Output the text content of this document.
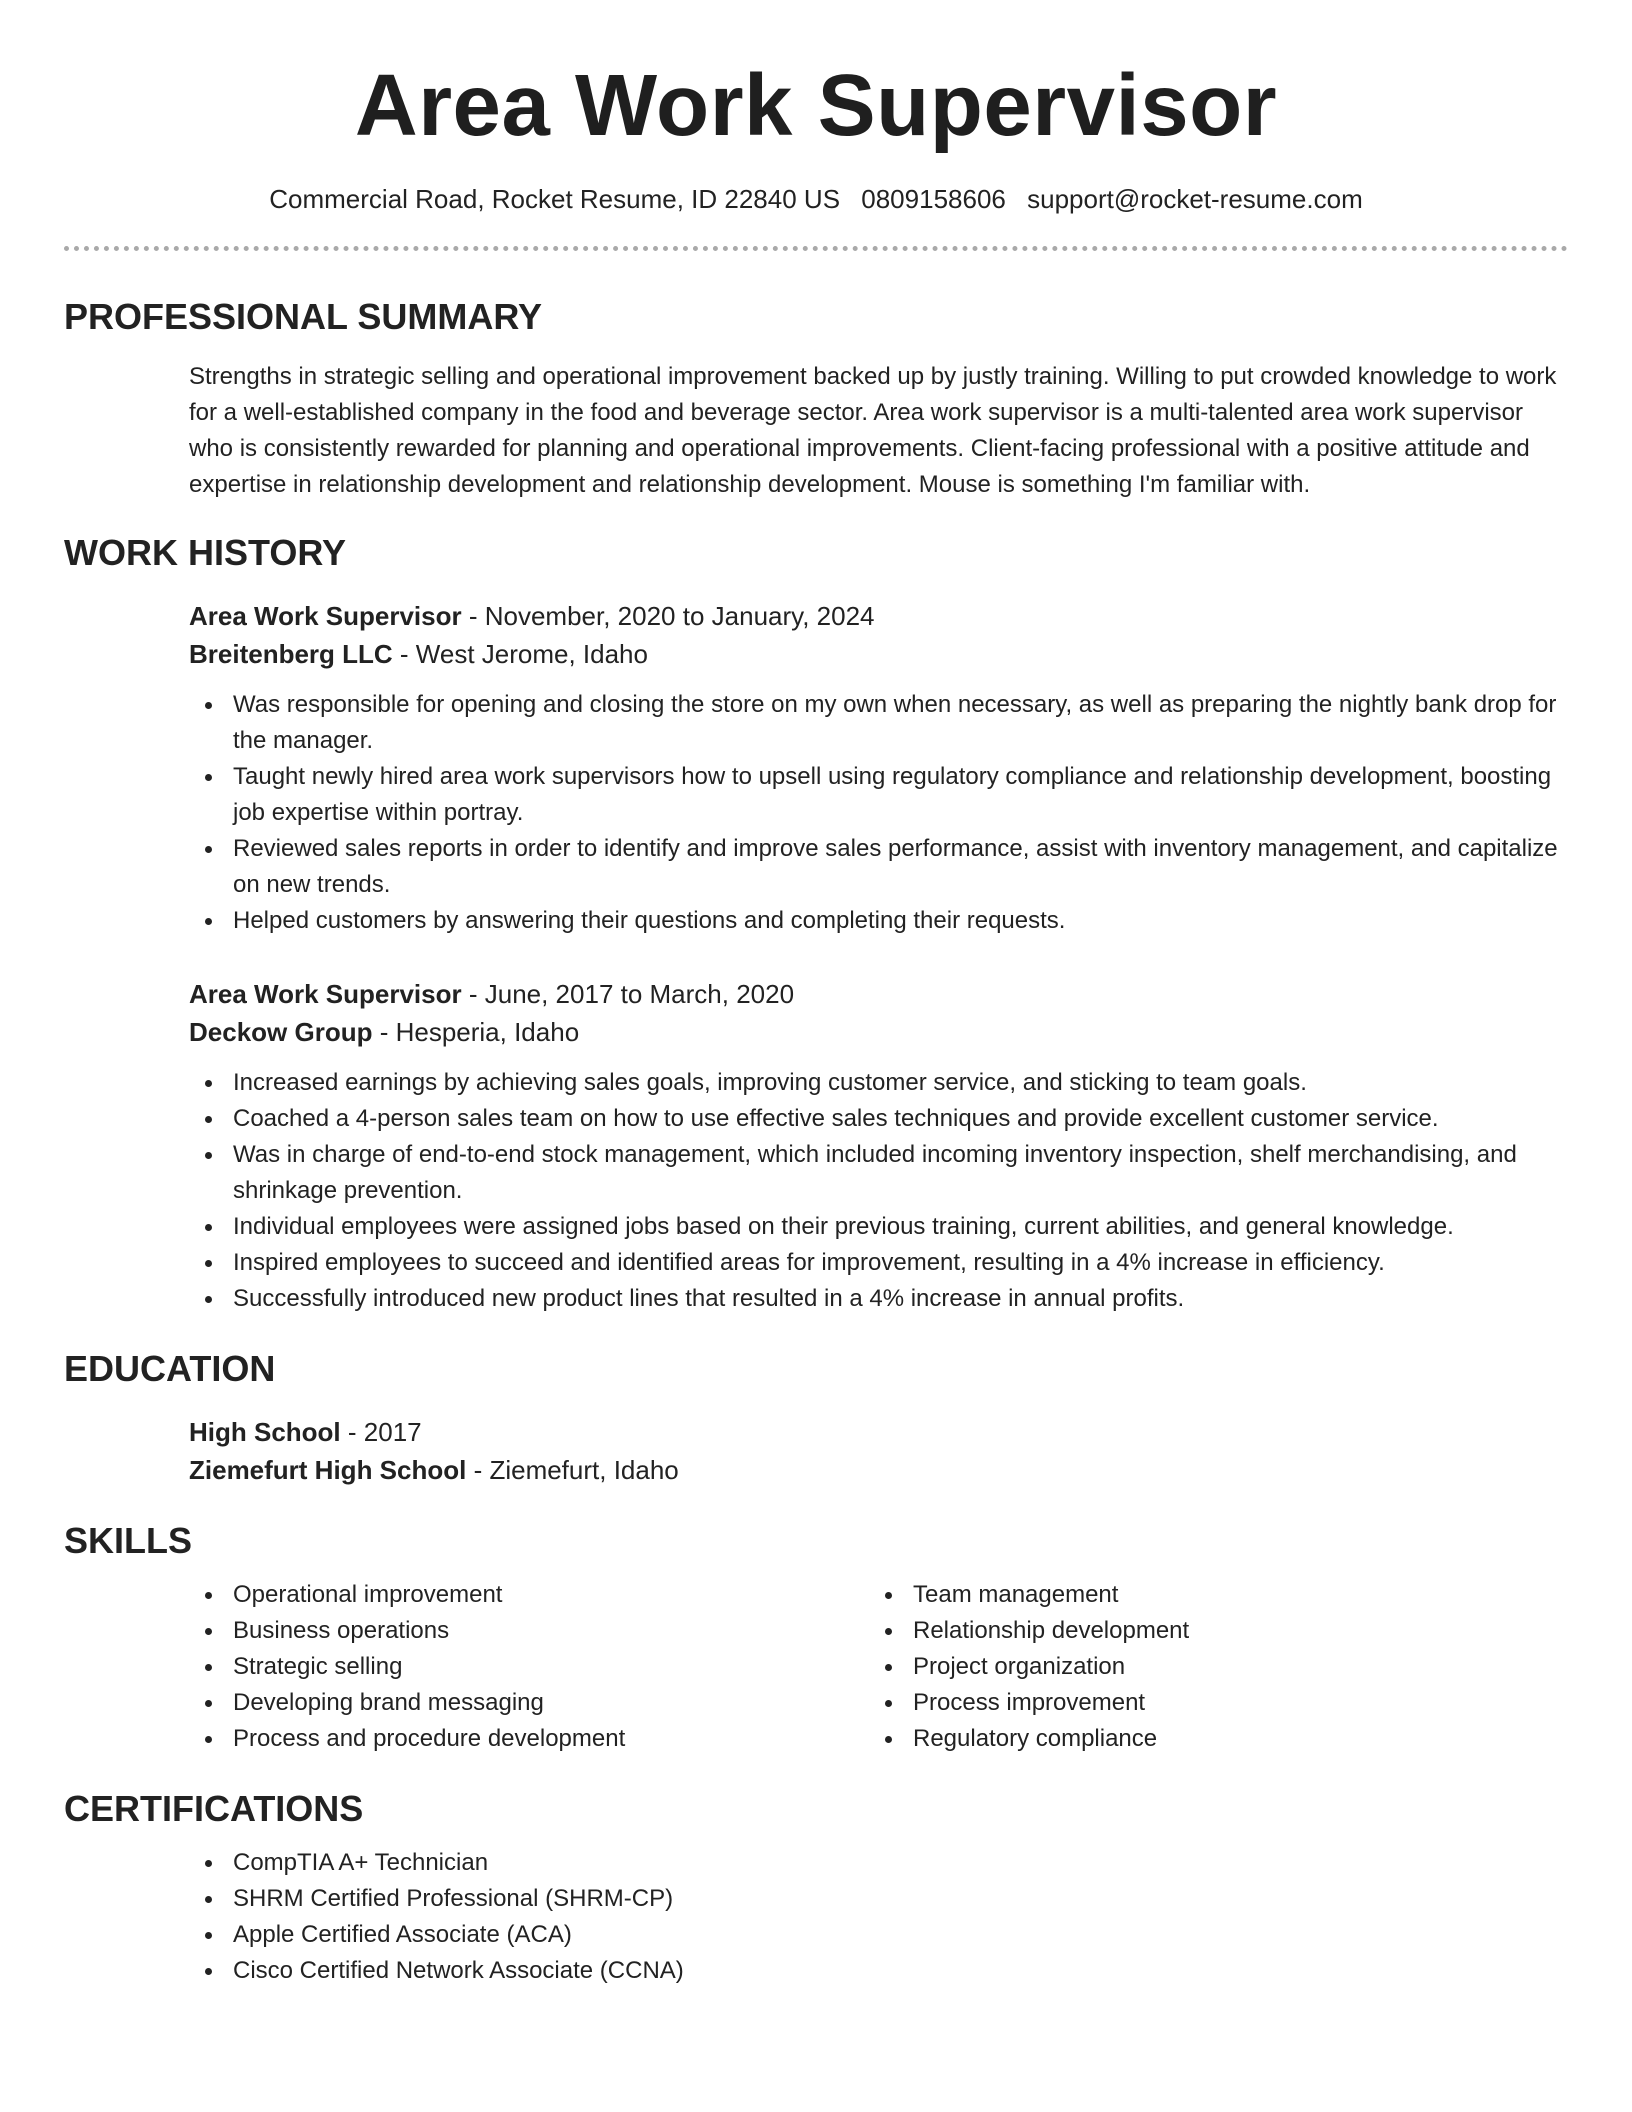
Area Work Supervisor
Commercial Road, Rocket Resume, ID 22840 US 0809158606 support@rocket-resume.com
PROFESSIONAL SUMMARY

Strengths in strategic selling and operational improvement backed up by justly training. Willing to put crowded knowledge to work for a well-established company in the food and beverage sector. Area work supervisor is a multi-talented area work supervisor who is consistently rewarded for planning and operational improvements. Client-facing professional with a positive attitude and expertise in relationship development and relationship development. Mouse is something I'm familiar with.

WORK HISTORY
Area Work Supervisor - November, 2020 to January, 2024
Breitenberg LLC - West Jerome, Idaho
Was responsible for opening and closing the store on my own when necessary, as well as preparing the nightly bank drop for the manager.
Taught newly hired area work supervisors how to upsell using regulatory compliance and relationship development, boosting job expertise within portray.
Reviewed sales reports in order to identify and improve sales performance, assist with inventory management, and capitalize on new trends.
Helped customers by answering their questions and completing their requests.
Area Work Supervisor - June, 2017 to March, 2020
Deckow Group - Hesperia, Idaho
Increased earnings by achieving sales goals, improving customer service, and sticking to team goals.
Coached a 4-person sales team on how to use effective sales techniques and provide excellent customer service.
Was in charge of end-to-end stock management, which included incoming inventory inspection, shelf merchandising, and shrinkage prevention.
Individual employees were assigned jobs based on their previous training, current abilities, and general knowledge.
Inspired employees to succeed and identified areas for improvement, resulting in a 4% increase in efficiency.
Successfully introduced new product lines that resulted in a 4% increase in annual profits.
EDUCATION
High School - 2017
Ziemefurt High School - Ziemefurt, Idaho
SKILLS
Operational improvement
Business operations
Strategic selling
Developing brand messaging
Process and procedure development
Team management
Relationship development
Project organization
Process improvement
Regulatory compliance
CERTIFICATIONS
CompTIA A+ Technician
SHRM Certified Professional (SHRM-CP)
Apple Certified Associate (ACA)
Cisco Certified Network Associate (CCNA)
